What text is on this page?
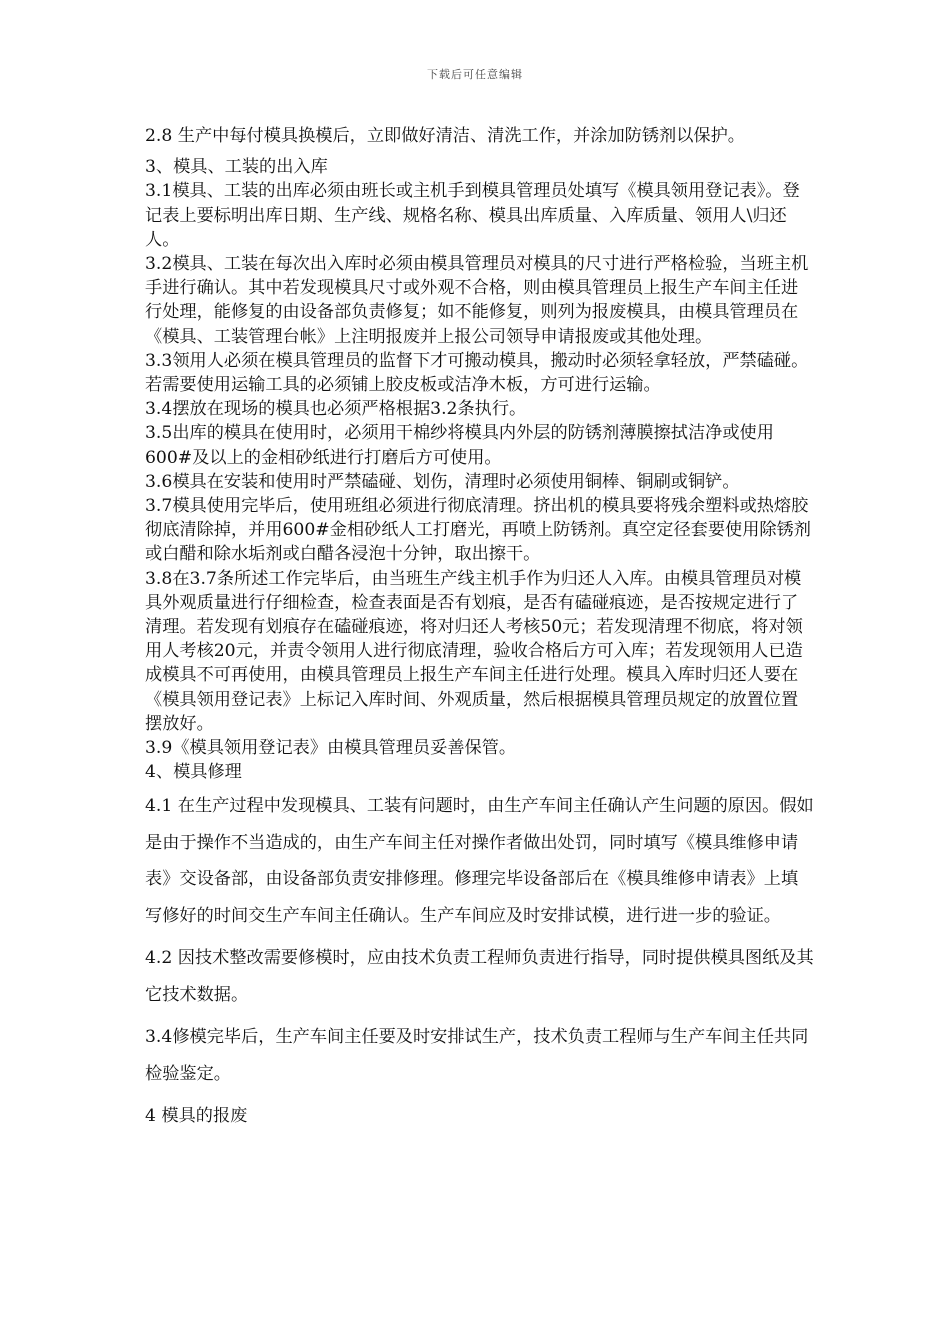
下载后可任意编辑

2.8 生产中每付模具换模后，立即做好清洁、清洗工作，并涂加防锈剂以保护。

3、模具、工装的出入库

3.1模具、工装的出库必须由班长或主机手到模具管理员处填写《模具领用登记表》。登记表上要标明出库日期、生产线、规格名称、模具出库质量、入库质量、领用人\归还人。

3.2模具、工装在每次出入库时必须由模具管理员对模具的尺寸进行严格检验，当班主机手进行确认。其中若发现模具尺寸或外观不合格，则由模具管理员上报生产车间主任进行处理，能修复的由设备部负责修复；如不能修复，则列为报废模具，由模具管理员在《模具、工装管理台帐》上注明报废并上报公司领导申请报废或其他处理。

3.3领用人必须在模具管理员的监督下才可搬动模具，搬动时必须轻拿轻放，严禁磕碰。若需要使用运输工具的必须铺上胶皮板或洁净木板，方可进行运输。

3.4摆放在现场的模具也必须严格根据3.2条执行。

3.5出库的模具在使用时，必须用干棉纱将模具内外层的防锈剂薄膜擦拭洁净或使用600#及以上的金相砂纸进行打磨后方可使用。

3.6模具在安装和使用时严禁磕碰、划伤，清理时必须使用铜棒、铜刷或铜铲。

3.7模具使用完毕后，使用班组必须进行彻底清理。挤出机的模具要将残余塑料或热熔胶彻底清除掉，并用600#金相砂纸人工打磨光，再喷上防锈剂。真空定径套要使用除锈剂或白醋和除水垢剂或白醋各浸泡十分钟，取出擦干。

3.8在3.7条所述工作完毕后，由当班生产线主机手作为归还人入库。由模具管理员对模具外观质量进行仔细检查，检查表面是否有划痕，是否有磕碰痕迹，是否按规定进行了清理。若发现有划痕存在磕碰痕迹，将对归还人考核50元；若发现清理不彻底，将对领用人考核20元，并责令领用人进行彻底清理，验收合格后方可入库；若发现领用人已造成模具不可再使用，由模具管理员上报生产车间主任进行处理。模具入库时归还人要在《模具领用登记表》上标记入库时间、外观质量，然后根据模具管理员规定的放置位置摆放好。

3.9《模具领用登记表》由模具管理员妥善保管。

4、模具修理

4.1 在生产过程中发现模具、工装有问题时，由生产车间主任确认产生问题的原因。假如是由于操作不当造成的，由生产车间主任对操作者做出处罚，同时填写《模具维修申请表》交设备部，由设备部负责安排修理。修理完毕设备部后在《模具维修申请表》上填写修好的时间交生产车间主任确认。生产车间应及时安排试模，进行进一步的验证。

4.2 因技术整改需要修模时，应由技术负责工程师负责进行指导，同时提供模具图纸及其它技术数据。

3.4修模完毕后，生产车间主任要及时安排试生产，技术负责工程师与生产车间主任共同检验鉴定。

4 模具的报废
